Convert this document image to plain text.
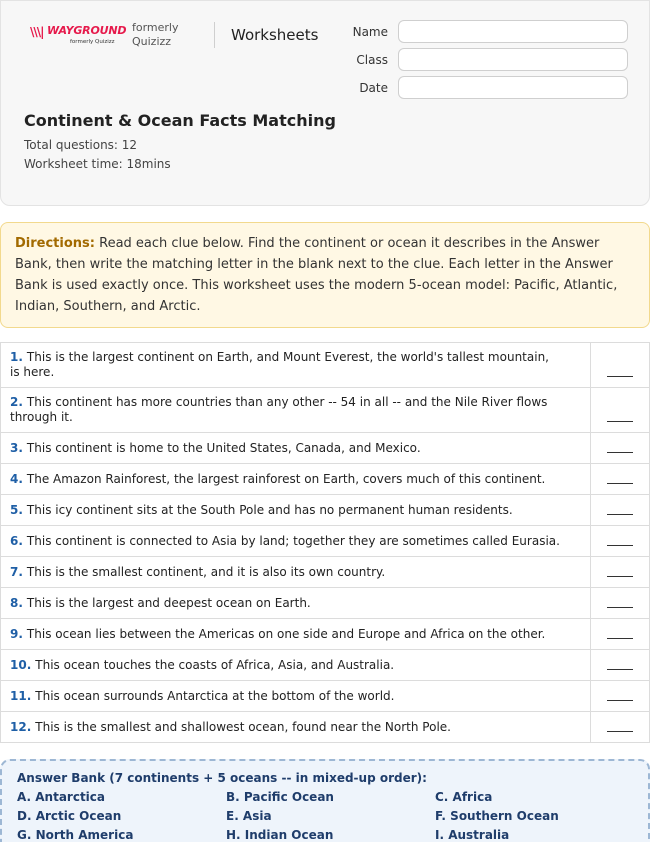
\\\| WAYGROUND
formerly Quizizz
formerly Quizizz	Worksheets	Name
Class
Date
Continent & Ocean Facts Matching
Total questions: 12
Worksheet time: 18mins
Directions: Read each clue below. Find the continent or ocean it describes in the Answer Bank, then write the matching letter in the blank next to the clue. Each letter in the Answer Bank is used exactly once. This worksheet uses the modern 5-ocean model: Pacific, Atlantic, Indian, Southern, and Arctic.
1. This is the largest continent on Earth, and Mount Everest, the world's tallest mountain, is here.
2. This continent has more countries than any other -- 54 in all -- and the Nile River flows through it.
3. This continent is home to the United States, Canada, and Mexico.
4. The Amazon Rainforest, the largest rainforest on Earth, covers much of this continent.
5. This icy continent sits at the South Pole and has no permanent human residents.
6. This continent is connected to Asia by land; together they are sometimes called Eurasia.
7. This is the smallest continent, and it is also its own country.
8. This is the largest and deepest ocean on Earth.
9. This ocean lies between the Americas on one side and Europe and Africa on the other.
10. This ocean touches the coasts of Africa, Asia, and Australia.
11. This ocean surrounds Antarctica at the bottom of the world.
12. This is the smallest and shallowest ocean, found near the North Pole.
Answer Bank (7 continents + 5 oceans -- in mixed-up order):
A. Antarctica	B. Pacific Ocean	C. Africa
D. Arctic Ocean	E. Asia	F. Southern Ocean
G. North America	H. Indian Ocean	I. Australia
